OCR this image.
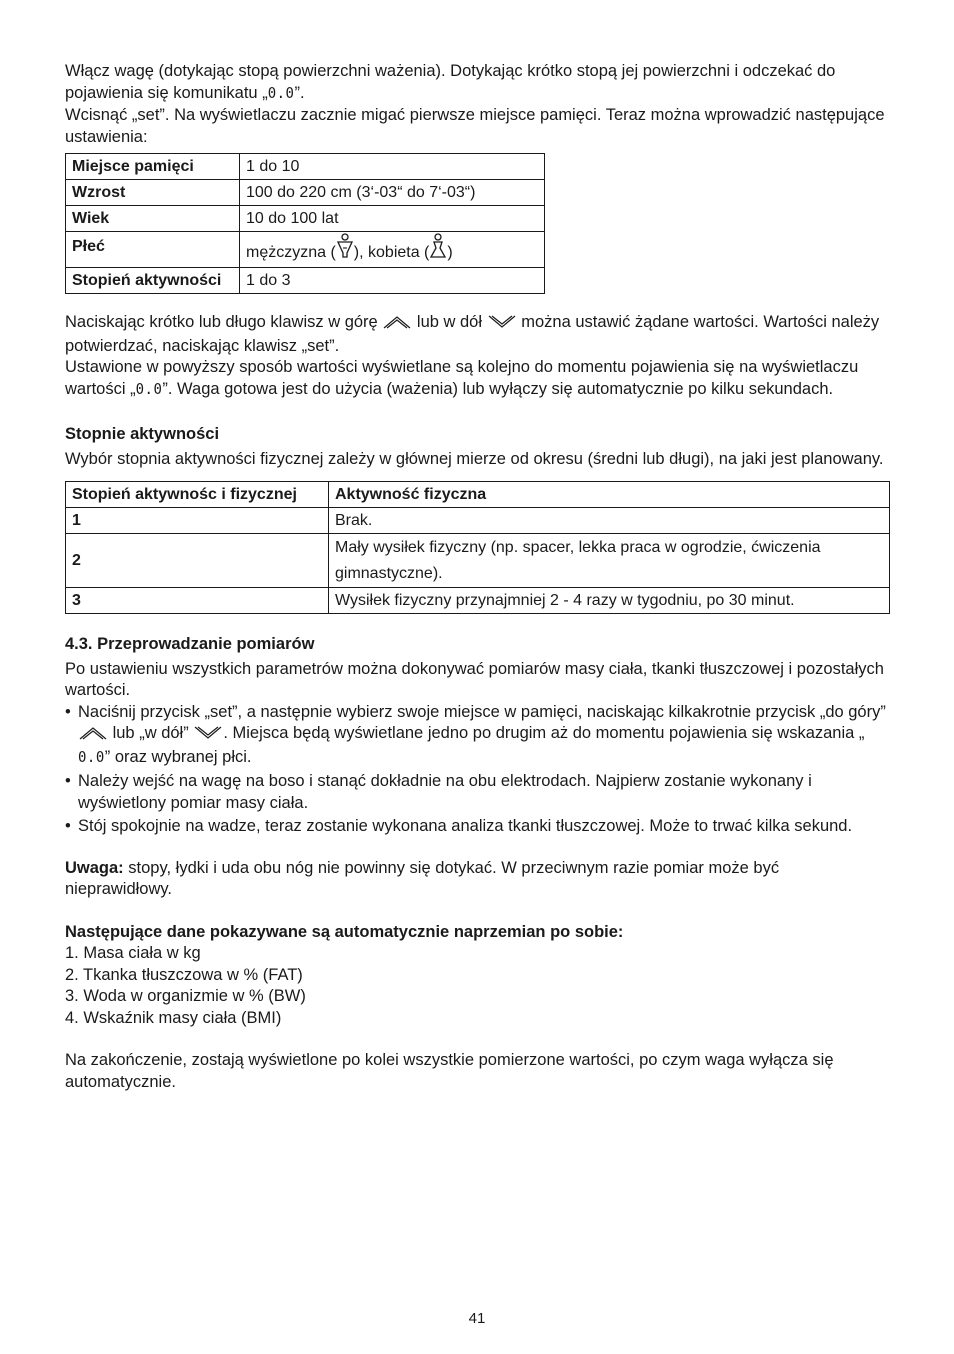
Włącz wagę (dotykając stopą powierzchni ważenia). Dotykając krótko stopą jej powierzchni i odczekać do pojawienia się komunikatu „0.0”.

Wcisnąć „set”. Na wyświetlaczu zacznie migać pierwsze miejsce pamięci. Teraz można wprowadzić następujące ustawienia:

Miejsce pamięci	1 do 10
Wzrost	100 do 220 cm (3‘-03“ do 7‘-03“)
Wiek	10 do 100 lat
Płeć	mężczyzna ( ), kobieta ( )
Stopień aktywności	1 do 3

Naciskając krótko lub długo klawisz w górę lub w dół można ustawić żądane wartości. Wartości należy potwierdzać, naciskając klawisz „set”.

Ustawione w powyższy sposób wartości wyświetlane są kolejno do momentu pojawienia się na wyświetlaczu wartości „0.0”. Waga gotowa jest do użycia (ważenia) lub wyłączy się automatycznie po kilku sekundach.

Stopnie aktywności

Wybór stopnia aktywności fizycznej zależy w głównej mierze od okresu (średni lub długi), na jaki jest planowany.

Stopień aktywnośc i fizycznej	Aktywność fizyczna
1	Brak.
2	Mały wysiłek fizyczny (np. spacer, lekka praca w ogrodzie, ćwiczenia gimnastyczne).
3	Wysiłek fizyczny przynajmniej 2 - 4 razy w tygodniu, po 30 minut.
4.3. Przeprowadzanie pomiarów

Po ustawieniu wszystkich parametrów można dokonywać pomiarów masy ciała, tkanki tłuszczowej i pozostałych wartości.

• Naciśnij przycisk „set”, a następnie wybierz swoje miejsce w pamięci, naciskając kilkakrotnie przycisk „do góry”  lub „w dół” . Miejsca będą wyświetlane jedno po drugim aż do momentu pojawienia się wskazania „0.0” oraz wybranej płci.
• Należy wejść na wagę na boso i stanąć dokładnie na obu elektrodach. Najpierw zostanie wykonany i wyświetlony pomiar masy ciała.
• Stój spokojnie na wadze, teraz zostanie wykonana analiza tkanki tłuszczowej. Może to trwać kilka sekund.

Uwaga: stopy, łydki i uda obu nóg nie powinny się dotykać. W przeciwnym razie pomiar może być nieprawidłowy.

Następujące dane pokazywane są automatycznie naprzemian po sobie:

1. Masa ciała w kg
2. Tkanka tłuszczowa w % (FAT)
3. Woda w organizmie w % (BW)
4. Wskaźnik masy ciała (BMI)

Na zakończenie, zostają wyświetlone po kolei wszystkie pomierzone wartości, po czym waga wyłącza się automatycznie.

41
